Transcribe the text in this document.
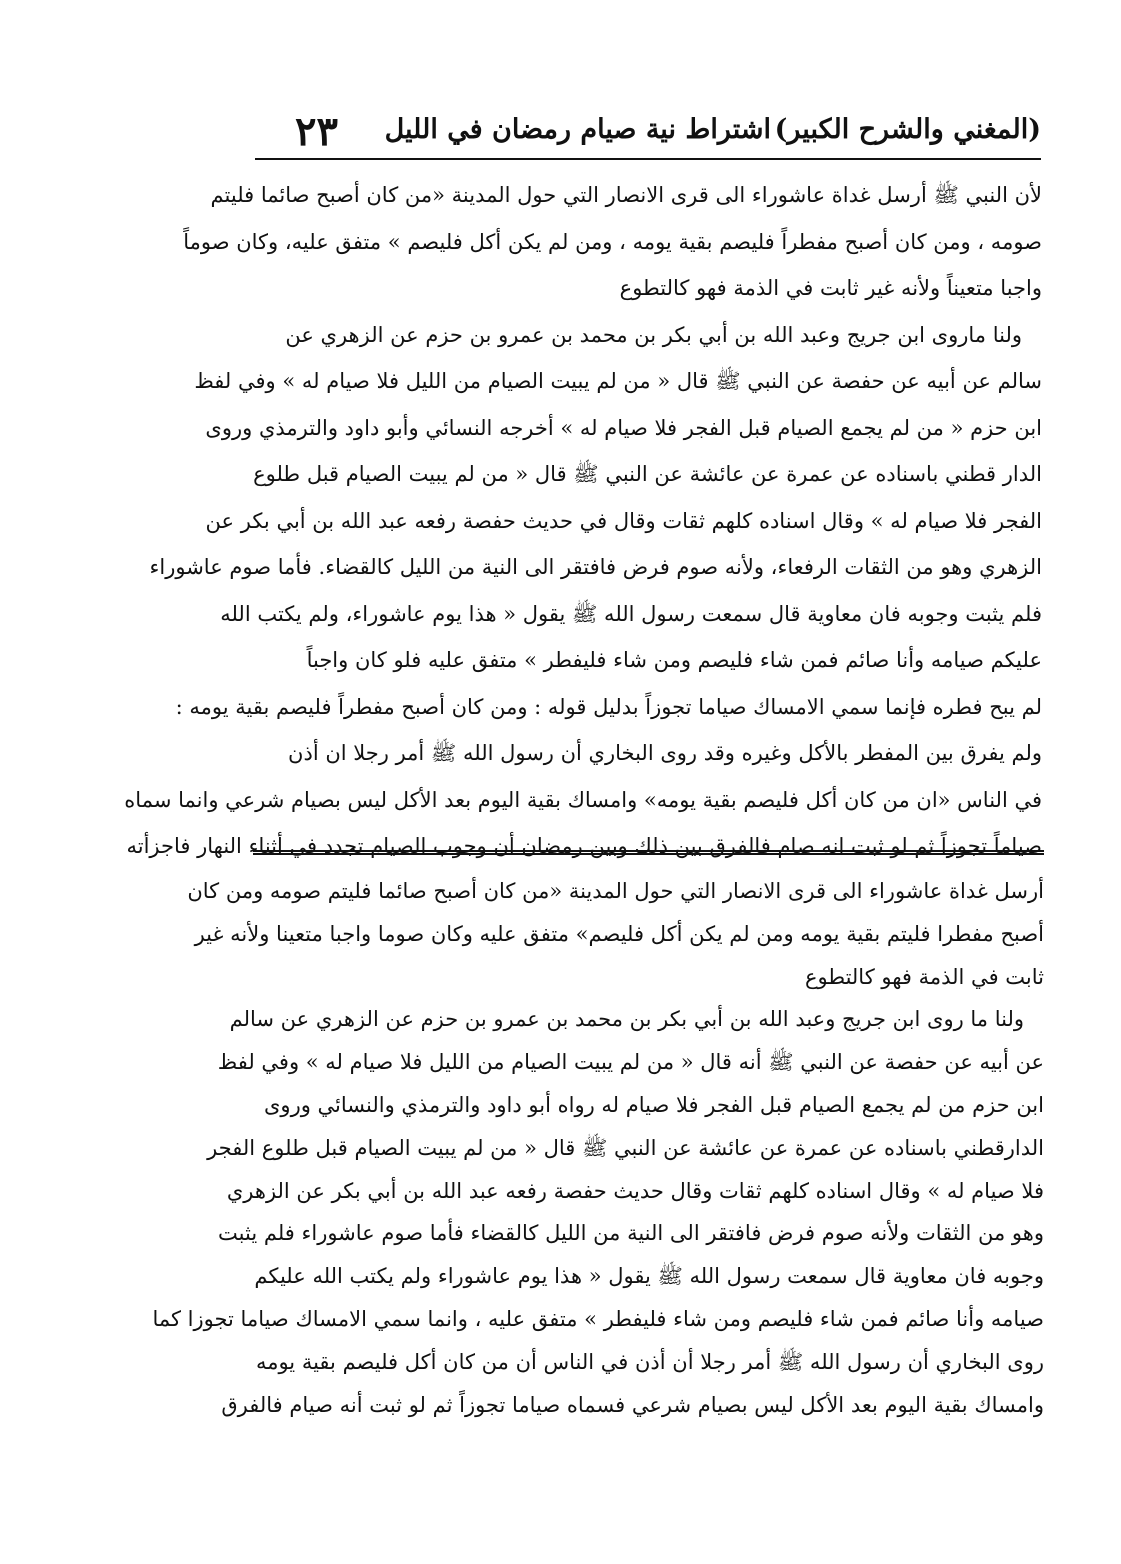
(المغني والشرح الكبير)
اشتراط نية صيام رمضان في الليل
٢٣

لأن النبي ﷺ أرسل غداة عاشوراء الى قرى الانصار التي حول المدينة «من كان أصبح صائما فليتم

صومه ، ومن كان أصبح مفطراً فليصم بقية يومه ، ومن لم يكن أكل فليصم » متفق عليه، وكان صوماً

واجبا متعيناً ولأنه غير ثابت في الذمة فهو كالتطوع

ولنا ماروى ابن جريج وعبد الله بن أبي بكر بن محمد بن عمرو بن حزم عن الزهري عن

سالم عن أبيه عن حفصة عن النبي ﷺ قال « من لم يبيت الصيام من الليل فلا صيام له » وفي لفظ

ابن حزم « من لم يجمع الصيام قبل الفجر فلا صيام له » أخرجه النسائي وأبو داود والترمذي وروى

الدار قطني باسناده عن عمرة عن عائشة عن النبي ﷺ قال « من لم يبيت الصيام قبل طلوع

الفجر فلا صيام له » وقال اسناده كلهم ثقات وقال في حديث حفصة رفعه عبد الله بن أبي بكر عن

الزهري وهو من الثقات الرفعاء، ولأنه صوم فرض فافتقر الى النية من الليل كالقضاء. فأما صوم عاشوراء

فلم يثبت وجوبه فان معاوية قال سمعت رسول الله ﷺ يقول « هذا يوم عاشوراء، ولم يكتب الله

عليكم صيامه وأنا صائم فمن شاء فليصم ومن شاء فليفطر » متفق عليه فلو كان واجباً

لم يبح فطره فإنما سمي الامساك صياما تجوزاً بدليل قوله : ومن كان أصبح مفطراً فليصم بقية يومه :

ولم يفرق بين المفطر بالأكل وغيره وقد روى البخاري أن رسول الله ﷺ أمر رجلا ان أذن

في الناس «ان من كان أكل فليصم بقية يومه» وامساك بقية اليوم بعد الأكل ليس بصيام شرعي وانما سماه

صياماً تجوزاً ثم لو ثبت انه صام فالفرق بين ذلك وبين رمضان أن وجوب الصيام تجدد في أثناء النهار فاجزأته

أرسل غداة عاشوراء الى قرى الانصار التي حول المدينة «من كان أصبح صائما فليتم صومه ومن كان

أصبح مفطرا فليتم بقية يومه ومن لم يكن أكل فليصم» متفق عليه وكان صوما واجبا متعينا ولأنه غير

ثابت في الذمة فهو كالتطوع

ولنا ما روى ابن جريج وعبد الله بن أبي بكر بن محمد بن عمرو بن حزم عن الزهري عن سالم

عن أبيه عن حفصة عن النبي ﷺ أنه قال « من لم يبيت الصيام من الليل فلا صيام له » وفي لفظ

ابن حزم من لم يجمع الصيام قبل الفجر فلا صيام له رواه أبو داود والترمذي والنسائي وروى

الدارقطني باسناده عن عمرة عن عائشة عن النبي ﷺ قال « من لم يبيت الصيام قبل طلوع الفجر

فلا صيام له » وقال اسناده كلهم ثقات وقال حديث حفصة رفعه عبد الله بن أبي بكر عن الزهري

وهو من الثقات ولأنه صوم فرض فافتقر الى النية من الليل كالقضاء فأما صوم عاشوراء فلم يثبت

وجوبه فان معاوية قال سمعت رسول الله ﷺ يقول « هذا يوم عاشوراء ولم يكتب الله عليكم

صيامه وأنا صائم فمن شاء فليصم ومن شاء فليفطر » متفق عليه ، وانما سمي الامساك صياما تجوزا كما

روى البخاري أن رسول الله ﷺ أمر رجلا أن أذن في الناس أن من كان أكل فليصم بقية يومه

وامساك بقية اليوم بعد الأكل ليس بصيام شرعي فسماه صياما تجوزاً ثم لو ثبت أنه صيام فالفرق
